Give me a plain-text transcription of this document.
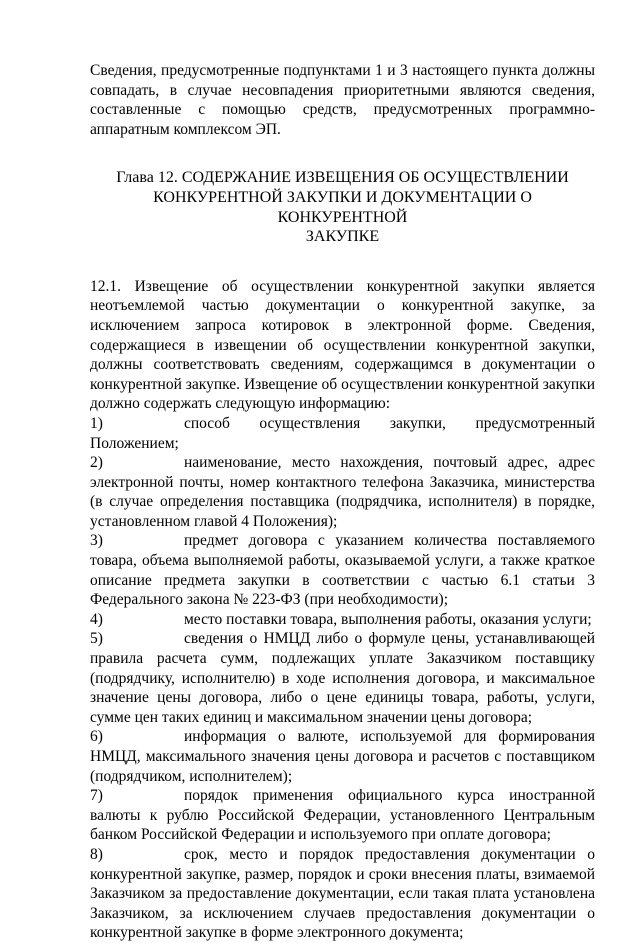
Сведения, предусмотренные подпунктами 1 и 3 настоящего пункта должны совпадать, в случае несовпадения приоритетными являются сведения, составленные с помощью средств, предусмотренных программно-аппаратным комплексом ЭП.

Глава 12. СОДЕРЖАНИЕ ИЗВЕЩЕНИЯ ОБ ОСУЩЕСТВЛЕНИИ
КОНКУРЕНТНОЙ ЗАКУПКИ И ДОКУМЕНТАЦИИ О КОНКУРЕНТНОЙ
ЗАКУПКЕ

12.1. Извещение об осуществлении конкурентной закупки является неотъемлемой частью документации о конкурентной закупке, за исключением запроса котировок в электронной форме. Сведения, содержащиеся в извещении об осуществлении конкурентной закупки, должны соответствовать сведениям, содержащимся в документации о конкурентной закупке. Извещение об осуществлении конкурентной закупки должно содержать следующую информацию:

1)	способ осуществления закупки, предусмотренный Положением;

2)	наименование, место нахождения, почтовый адрес, адрес электронной почты, номер контактного телефона Заказчика, министерства (в случае определения поставщика (подрядчика, исполнителя) в порядке, установленном главой 4 Положения);

3)	предмет договора с указанием количества поставляемого товара, объема выполняемой работы, оказываемой услуги, а также краткое описание предмета закупки в соответствии с частью 6.1 статьи 3 Федерального закона № 223-ФЗ (при необходимости);

4)	место поставки товара, выполнения работы, оказания услуги;

5)	сведения о НМЦД либо о формуле цены, устанавливающей правила расчета сумм, подлежащих уплате Заказчиком поставщику (подрядчику, исполнителю) в ходе исполнения договора, и максимальное значение цены договора, либо о цене единицы товара, работы, услуги, сумме цен таких единиц и максимальном значении цены договора;

6)	информация о валюте, используемой для формирования НМЦД, максимального значения цены договора и расчетов с поставщиком (подрядчиком, исполнителем);

7)	порядок применения официального курса иностранной валюты к рублю Российской Федерации, установленного Центральным банком Российской Федерации и используемого при оплате договора;

8)	срок, место и порядок предоставления документации о конкурентной закупке, размер, порядок и сроки внесения платы, взимаемой Заказчиком за предоставление документации, если такая плата установлена Заказчиком, за исключением случаев предоставления документации о конкурентной закупке в форме электронного документа;
